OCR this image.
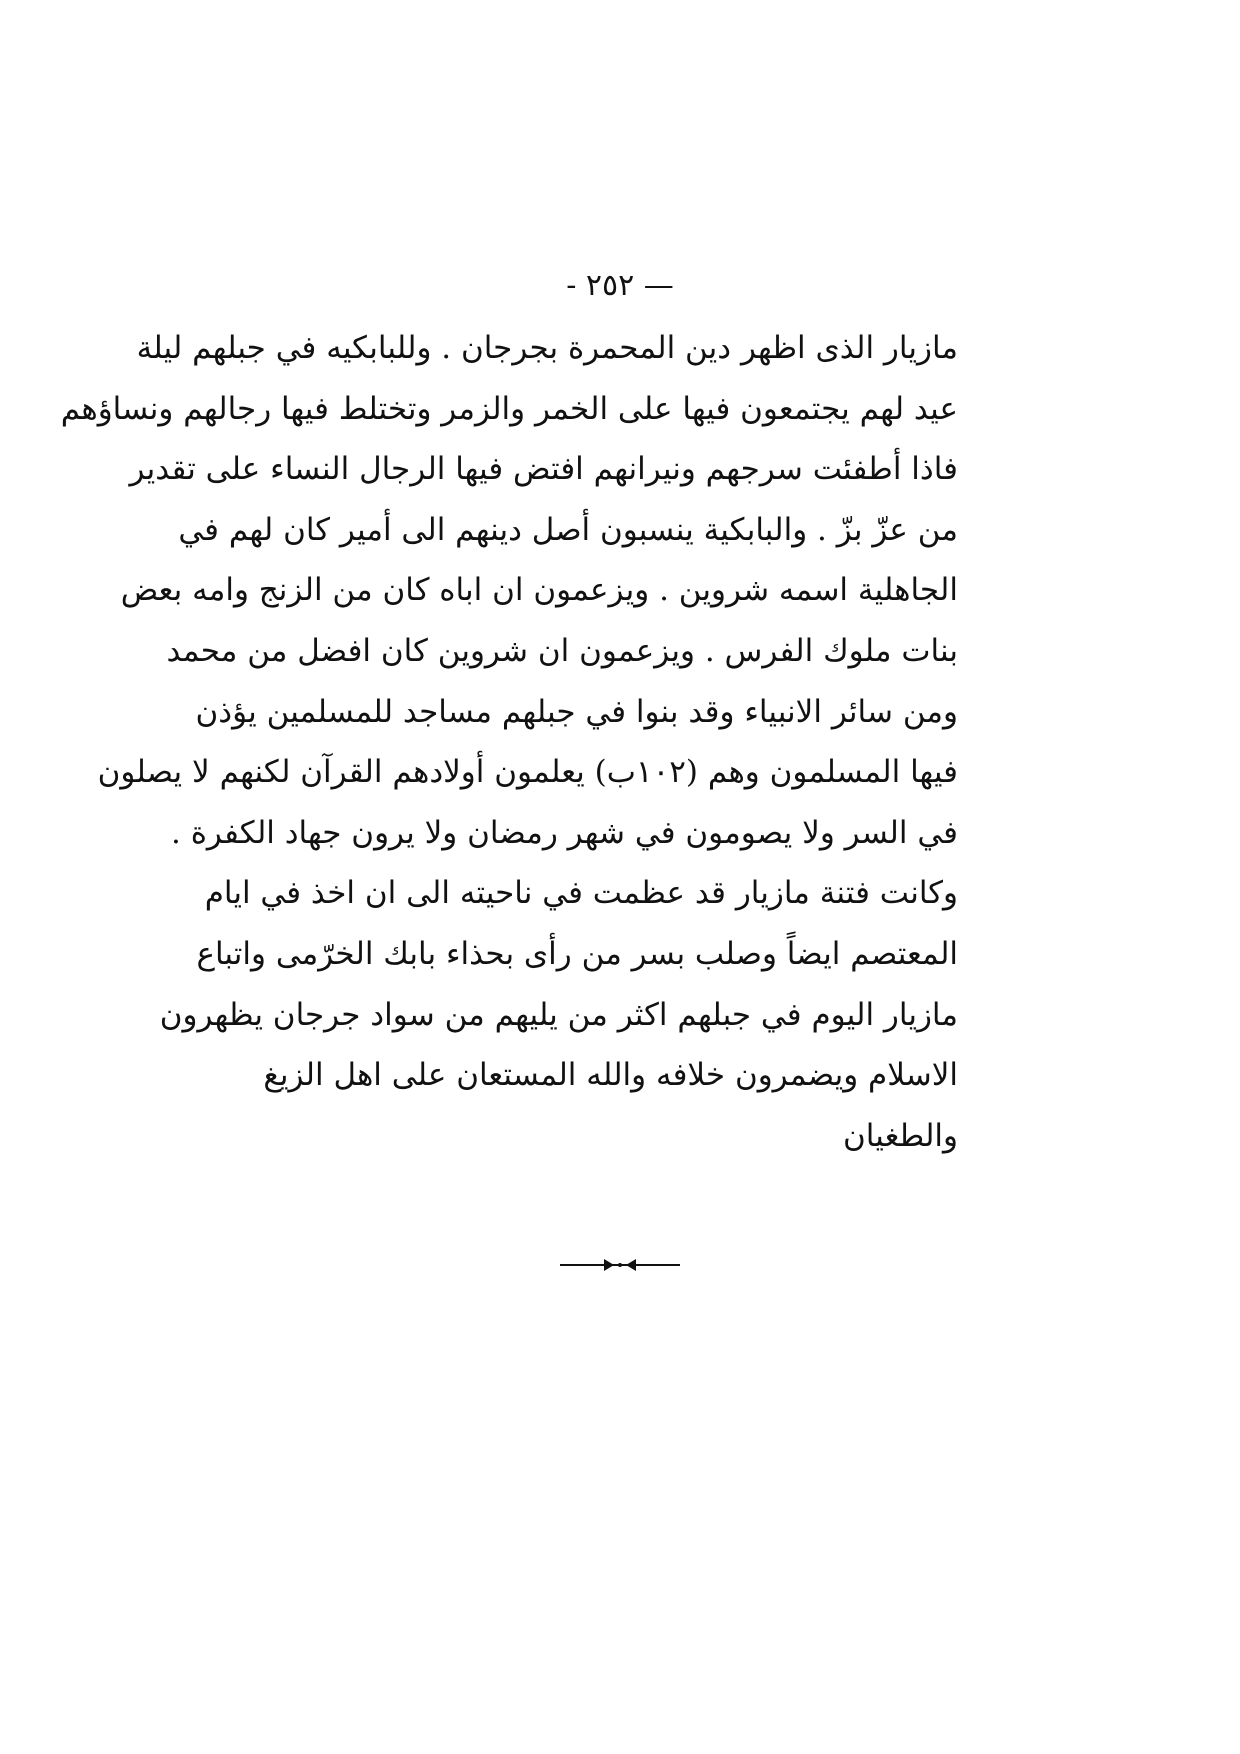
— ٢٥٢ -
مازيار الذى اظهر دين المحمرة بجرجان . وللبابكيه في جبلهم ليلة
عيد لهم يجتمعون فيها على الخمر والزمر وتختلط فيها رجالهم ونساؤهم
فاذا أطفئت سرجهم ونيرانهم افتض فيها الرجال النساء على تقدير
من عزّ بزّ . والبابكية ينسبون أصل دينهم الى أمير كان لهم في
الجاهلية اسمه شروين . ويزعمون ان اباه كان من الزنج وامه بعض
بنات ملوك الفرس . ويزعمون ان شروين كان افضل من محمد
ومن سائر الانبياء وقد بنوا في جبلهم مساجد للمسلمين يؤذن
فيها المسلمون وهم (١٠٢ب) يعلمون أولادهم القرآن لكنهم لا يصلون
في السر ولا يصومون في شهر رمضان ولا يرون جهاد الكفرة .
وكانت فتنة مازيار قد عظمت في ناحيته الى ان اخذ في ايام
المعتصم ايضاً وصلب بسر من رأى بحذاء بابك الخرّمى واتباع
مازيار اليوم في جبلهم اكثر من يليهم من سواد جرجان يظهرون
الاسلام ويضمرون خلافه والله المستعان على اهل الزيغ
والطغيان
